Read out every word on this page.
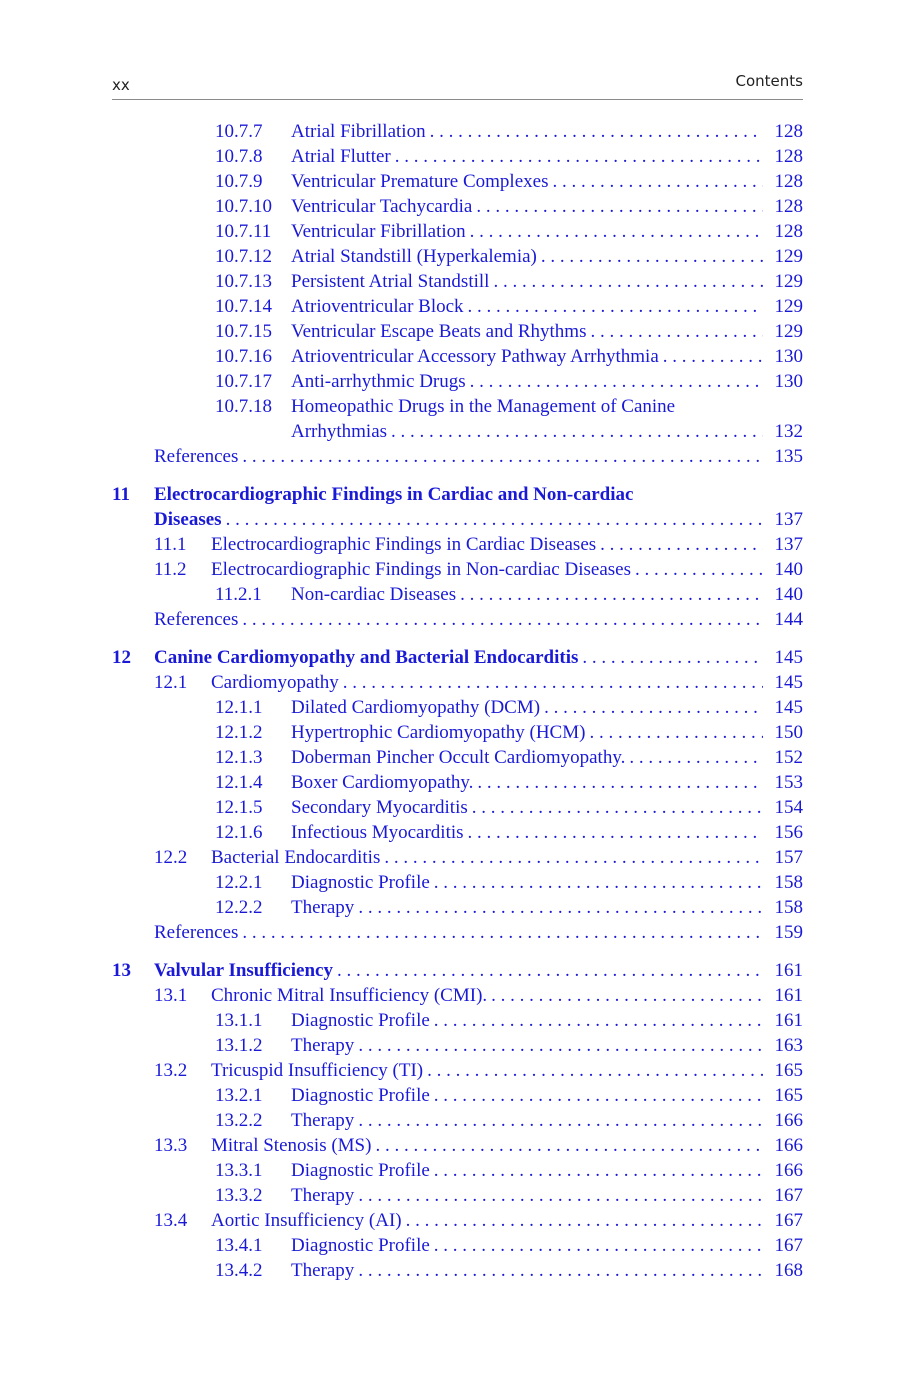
xx	Contents
10.7.7 Atrial Fibrillation . . .	128
10.7.8 Atrial Flutter . . .	128
10.7.9 Ventricular Premature Complexes . . .	128
10.7.10 Ventricular Tachycardia . . .	128
10.7.11 Ventricular Fibrillation . . .	128
10.7.12 Atrial Standstill (Hyperkalemia) . . .	129
10.7.13 Persistent Atrial Standstill . . .	129
10.7.14 Atrioventricular Block . . .	129
10.7.15 Ventricular Escape Beats and Rhythms . . .	129
10.7.16 Atrioventricular Accessory Pathway Arrhythmia . . .	130
10.7.17 Anti-arrhythmic Drugs . . .	130
10.7.18 Homeopathic Drugs in the Management of Canine
Arrhythmias . . .	132
References . . .	135
11 Electrocardiographic Findings in Cardiac and Non-cardiac
Diseases . . .	137
11.1 Electrocardiographic Findings in Cardiac Diseases . . .	137
11.2 Electrocardiographic Findings in Non-cardiac Diseases . . .	140
11.2.1 Non-cardiac Diseases . . .	140
References . . .	144
12 Canine Cardiomyopathy and Bacterial Endocarditis . . .	145
12.1 Cardiomyopathy . . .	145
12.1.1 Dilated Cardiomyopathy (DCM) . . .	145
12.1.2 Hypertrophic Cardiomyopathy (HCM) . . .	150
12.1.3 Doberman Pincher Occult Cardiomyopathy. . . .	152
12.1.4 Boxer Cardiomyopathy. . . .	153
12.1.5 Secondary Myocarditis . . .	154
12.1.6 Infectious Myocarditis . . .	156
12.2 Bacterial Endocarditis . . .	157
12.2.1 Diagnostic Profile . . .	158
12.2.2 Therapy . . .	158
References . . .	159
13 Valvular Insufficiency . . .	161
13.1 Chronic Mitral Insufficiency (CMI). . . .	161
13.1.1 Diagnostic Profile . . .	161
13.1.2 Therapy . . .	163
13.2 Tricuspid Insufficiency (TI) . . .	165
13.2.1 Diagnostic Profile . . .	165
13.2.2 Therapy . . .	166
13.3 Mitral Stenosis (MS) . . .	166
13.3.1 Diagnostic Profile . . .	166
13.3.2 Therapy . . .	167
13.4 Aortic Insufficiency (AI) . . .	167
13.4.1 Diagnostic Profile . . .	167
13.4.2 Therapy . . .	168
